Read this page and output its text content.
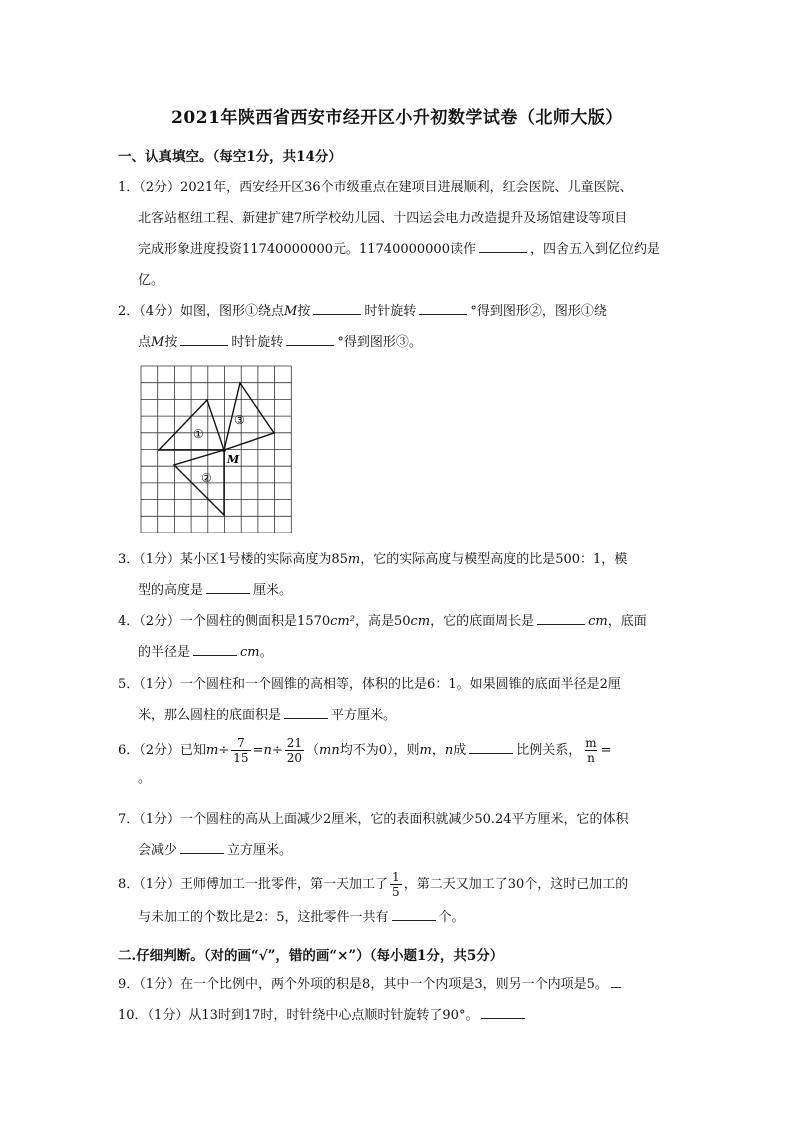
2021年陕西省西安市经开区小升初数学试卷（北师大版）
一、认真填空。（每空1分，共14分）
1．（2分）2021年，西安经开区36个市级重点在建项目进展顺利，红会医院、儿童医院、
北客站枢纽工程、新建扩建7所学校幼儿园、十四运会电力改造提升及场馆建设等项目
完成形象进度投资11740000000元。11740000000读作	，四舍五入到亿位约是
亿。
2．（4分）如图，图形①绕点M按	时针旋转	°得到图形②，图形①绕
点M按	时针旋转	°得到图形③。
①
②
③
M
3．（1分）某小区1号楼的实际高度为85m，它的实际高度与模型高度的比是500：1，模
型的高度是	厘米。
4．（2分）一个圆柱的侧面积是1570cm²，高是50cm，它的底面周长是	cm，底面
的半径是	cm。
5．（1分）一个圆柱和一个圆锥的高相等，体积的比是6：1。如果圆锥的底面半径是2厘
米，那么圆柱的底面积是	平方厘米。
6．（2分）已知$m\div \frac{7}{15} =n\div \frac{21}{20} (mn$均不为0），则m，n成	比例关系， $\frac{m}{n}$ =
。
7．（1分）一个圆柱的高从上面减少2厘米，它的表面积就减少50.24平方厘米，它的体积
会减少	立方厘米。
8．（1分）王师傅加工一批零件，第一天加工了 $\frac{1}{5}$ ，第二天又加工了30个，这时已加工的
与未加工的个数比是2：5，这批零件一共有	个。
二.仔细判断。（对的画“√”，错的画“×”）（每小题1分，共5分）
9．（1分）在一个比例中，两个外项的积是8，其中一个内项是3，则另一个内项是5。
10．（1分）从13时到17时，时针绕中心点顺时针旋转了90°。
